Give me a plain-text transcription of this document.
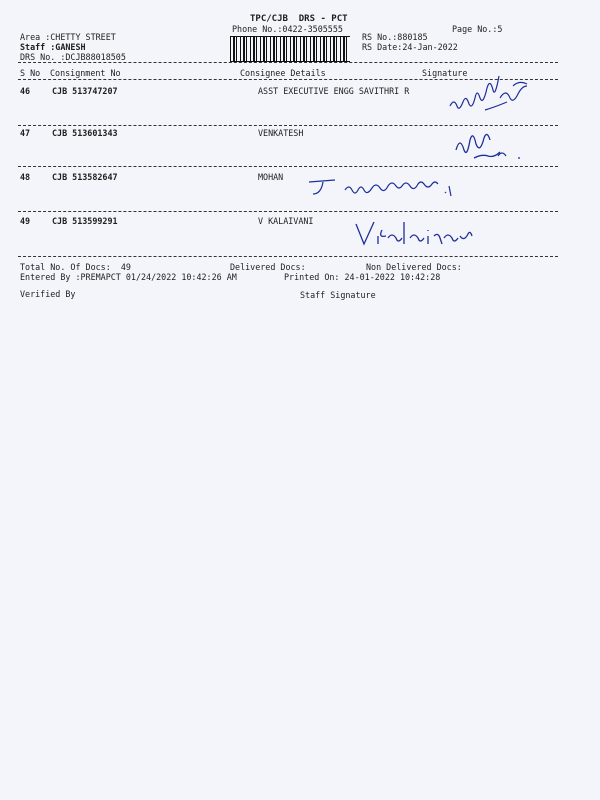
TPC/CJB  DRS - PCT
Phone No.:0422-3505555	Page No.:5
Area :CHETTY STREET
Staff :GANESH
DRS No. :DCJB88018505
RS No.:880185
RS Date:24-Jan-2022
S No Consignment No	Consignee Details	Signature
46	CJB 513747207	ASST EXECUTIVE ENGG SAVITHRI R
47	CJB 513601343	VENKATESH
48	CJB 513582647	MOHAN
49	CJB 513599291	V KALAIVANI
Total No. Of Docs:  49	Delivered Docs:	Non Delivered Docs:
Entered By :PREMAPCT 01/24/2022 10:42:26 AM	Printed On: 24-01-2022 10:42:28
Verified By	Staff Signature
